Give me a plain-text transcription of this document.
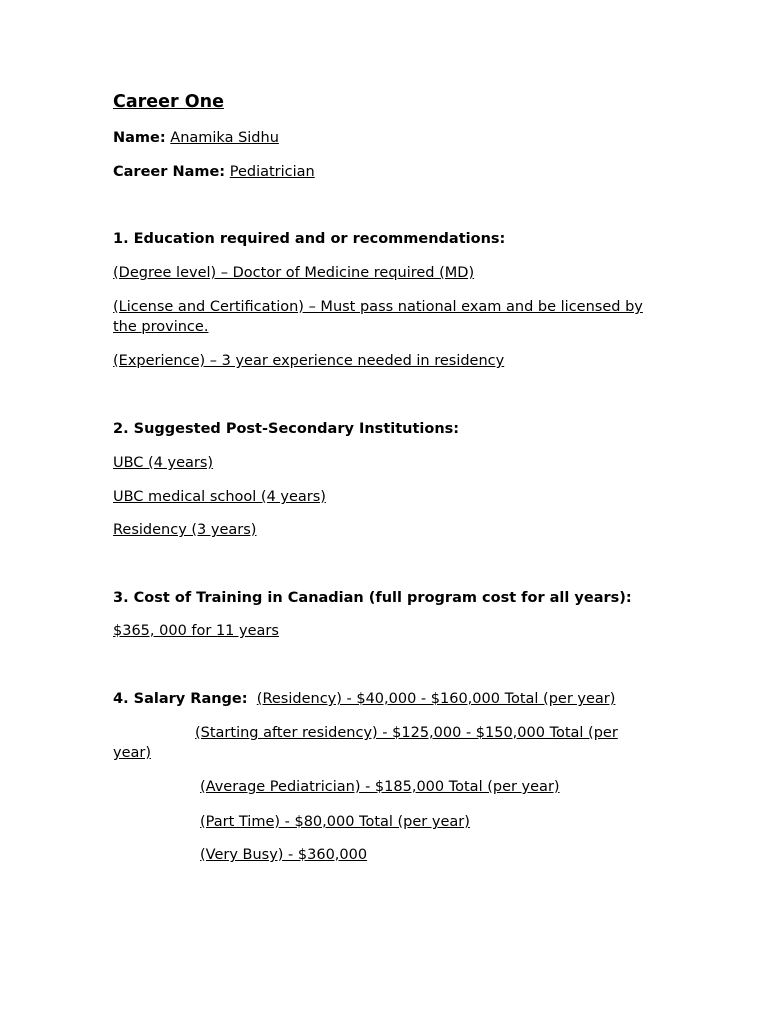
Career One
Name: Anamika Sidhu
Career Name: Pediatrician
1. Education required and or recommendations:
(Degree level) – Doctor of Medicine required (MD)
(License and Certification) – Must pass national exam and be licensed by the province.
(Experience) – 3 year experience needed in residency
2. Suggested Post-Secondary Institutions:
UBC (4 years)
UBC medical school (4 years)
Residency (3 years)
3. Cost of Training in Canadian (full program cost for all years):
$365, 000 for 11 years
4. Salary Range: (Residency) - $40,000 - $160,000 Total (per year)
(Starting after residency) - $125,000 - $150,000 Total (per year)
(Average Pediatrician) - $185,000 Total (per year)
(Part Time) - $80,000 Total (per year)
(Very Busy) - $360,000
